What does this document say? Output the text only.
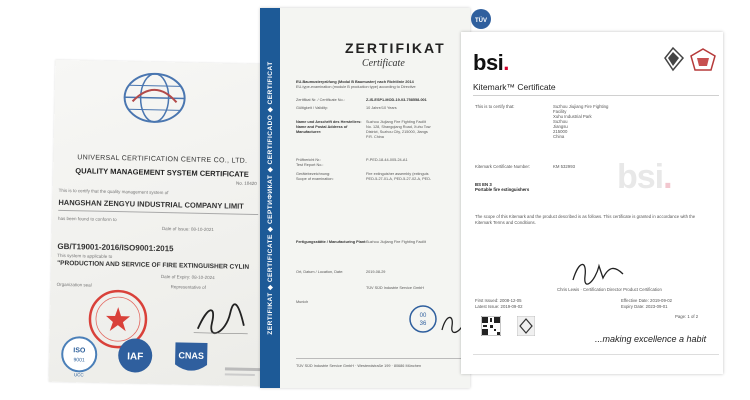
UNIVERSAL CERTIFICATION CENTRE CO., LTD.
QUALITY MANAGEMENT SYSTEM CERTIFICATE
No. 10420
This is to certify that the quality management system of
HANGSHAN ZENGYU INDUSTRIAL COMPANY LIMIT
has been found to conform to
Date of Issue: 08-10-2021
GB/T19001-2016/ISO9001:2015
This system is applicable to
"PRODUCTION AND SERVICE OF FIRE EXTINGUISHER CYLIN
Date of Expiry: 08-10-2024
Organization seal	Representative of
ISO
9001
UCC
IAF	CNAS
ZERTIFIKAT ◆ CERTIFICATE ◆ СЕРТИФИКАТ ◆ CERTIFICADO ◆ CERTIFICAT
ZERTIFIKAT
Certificate
EU-Baumusterprüfung (Modul B Baumuster) nach Richtlinie 2014
EU-type-examination (module B production type) according to Directive
Zertifikat Nr. / Certificate No.:	Z-IS-ESP1-MOD-19-03-758558-001
Gültigkeit / Validity:	10 Jahre/10 Years
Name und Anschrift des Herstellers: Suzhou Jiujiang Fire Fighting Facilit
Name and Postal Address of	No. 128, Shangqiang Road, Xuhu Tow
Manufacturer:	District, Suzhou City, 215000, Jiangs
P.R. China
Prüfbericht Nr.:	P-PED-18-44-005-24-A1
Test Report No.:
Gerätebezeichnung:	Fire extinguisher assembly (extinguis
Scope of examination:	PED-5-27-01-A, PED-5-27-02-A, PED-
Fertigungsstätte / Manufacturing Plant: Suzhou Jiujiang Fire Fighting Facilit
Ort, Datum / Location, Date:	2019-08-29
Munich
TÜV SÜD Industrie Service GmbH
00
36
TÜV SÜD Industrie Service GmbH · Westendstraße 199 · 80686 München
TÜV
bsi.
Kitemark™ Certificate
bsi.
This is to certify that:	Suzhou Jiujiang Fire Fighting
Facility
Xuhu Industrial Park
Suzhou
Jiangsu
215000
China
Kitemark Certificate Number:	KM 532993
BS EN 3
Portable fire extinguishers
The scope of this Kitemark and the product described is as follows. This certificate is granted in accordance with the Kitemark Terms and Conditions.
Chris Lewis · Certification Director Product Certification
First Issued: 2008-12-05
Latest Issue: 2019-09-02
Effective Date: 2019-09-02
Expiry Date: 2023-09-01
Page: 1 of 2
...making excellence a habit
